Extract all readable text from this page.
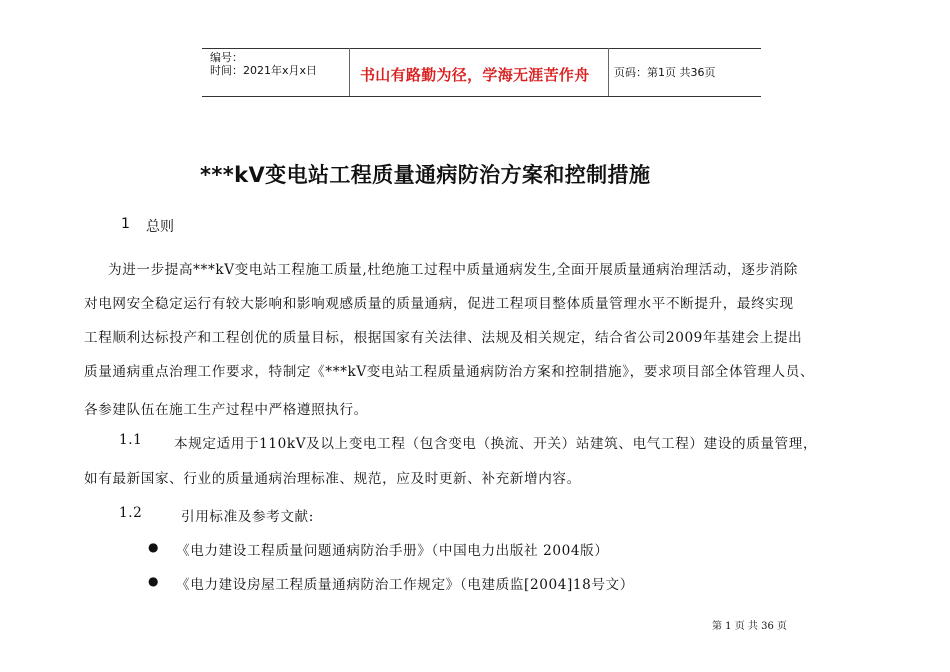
编号：
时间：2021年x月x日	书山有路勤为径，学海无涯苦作舟 页码：第1页 共36页
***kV变电站工程质量通病防治方案和控制措施
1 总则
为进一步提高***kV变电站工程施工质量,杜绝施工过程中质量通病发生,全面开展质量通病治理活动，逐步消除
对电网安全稳定运行有较大影响和影响观感质量的质量通病，促进工程项目整体质量管理水平不断提升，最终实现
工程顺利达标投产和工程创优的质量目标，根据国家有关法律、法规及相关规定，结合省公司2009年基建会上提出
质量通病重点治理工作要求，特制定《***kV变电站工程质量通病防治方案和控制措施》，要求项目部全体管理人员、
各参建队伍在施工生产过程中严格遵照执行。
1.1 本规定适用于110kV及以上变电工程（包含变电（换流、开关）站建筑、电气工程）建设的质量管理，
如有最新国家、行业的质量通病治理标准、规范，应及时更新、补充新增内容。
1.2	引用标准及参考文献:
● 《电力建设工程质量问题通病防治手册》（中国电力出版社 2004版）
● 《电力建设房屋工程质量通病防治工作规定》（电建质监[2004]18号文）
第 1 页 共 36 页
